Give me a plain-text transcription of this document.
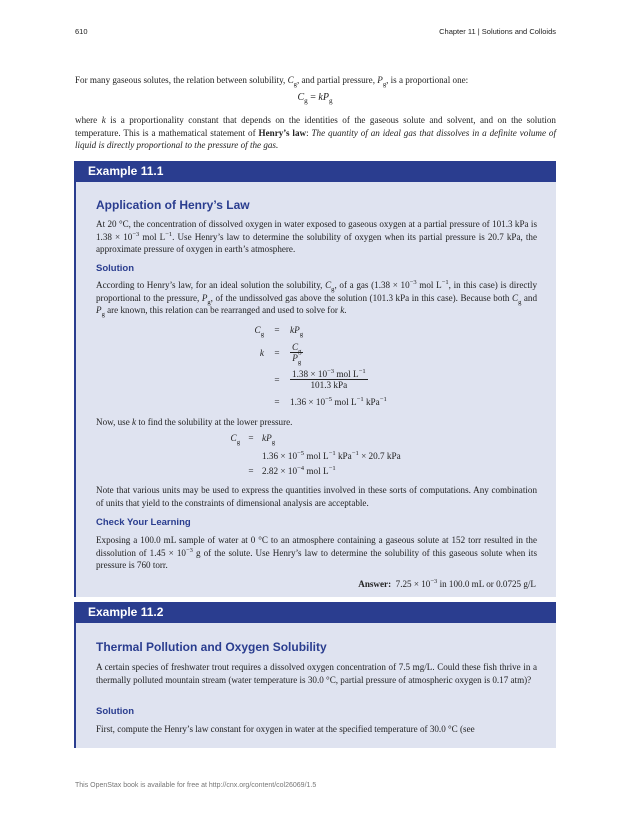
610	Chapter 11 | Solutions and Colloids

For many gaseous solutes, the relation between solubility, $C_g$, and partial pressure, $P_g$, is a proportional one:

$C_g = kP_g$

where k is a proportionality constant that depends on the identities of the gaseous solute and solvent, and on the solution temperature. This is a mathematical statement of Henry’s law: The quantity of an ideal gas that dissolves in a definite volume of liquid is directly proportional to the pressure of the gas.

Example 11.1
Application of Henry’s Law

At 20 °C, the concentration of dissolved oxygen in water exposed to gaseous oxygen at a partial pressure of 101.3 kPa is $1.38 \times 10^{-3}$ mol $L^{-1}$. Use Henry’s law to determine the solubility of oxygen when its partial pressure is 20.7 kPa, the approximate pressure of oxygen in earth’s atmosphere.

Solution

According to Henry’s law, for an ideal solution the solubility, $C_g$, of a gas ($1.38 \times 10^{-3}$ mol $L^{-1}$, in this case) is directly proportional to the pressure, $P_g$, of the undissolved gas above the solution (101.3 kPa in this case). Because both $C_g$ and $P_g$ are known, this relation can be rearranged and used to solve for k.

$C_g$	=	$kP_g$
k	=	$\frac{C_g}{P_g}$
=	$\frac{1.38 \times 10^{-3} mol L^{-1}}{\text{101.3 kPa}}$
=	$1.36 \times 10^{-5}$ mol $L^{-1}$ kPa$^{-1}$

Now, use k to find the solubility at the lower pressure.

$C_g = kP_g$
$1.36 \times 10^{-5}$ mol $L^{-1}$ kPa$^{-1}$ × 20.7 kPa
= $2.82 \times 10^{-4}$ mol $L^{-1}$

Note that various units may be used to express the quantities involved in these sorts of computations. Any combination of units that yield to the constraints of dimensional analysis are acceptable.

Check Your Learning

Exposing a 100.0 mL sample of water at 0 °C to an atmosphere containing a gaseous solute at 152 torr resulted in the dissolution of $1.45 \times 10^{-3}$ g of the solute. Use Henry’s law to determine the solubility of this gaseous solute when its pressure is 760 torr.

Answer: $7.25 \times 10^{-3}$ in 100.0 mL or 0.0725 g/L
Example 11.2
Thermal Pollution and Oxygen Solubility

A certain species of freshwater trout requires a dissolved oxygen concentration of 7.5 mg/L. Could these fish thrive in a thermally polluted mountain stream (water temperature is 30.0 °C, partial pressure of atmospheric oxygen is 0.17 atm)?

Solution

First, compute the Henry’s law constant for oxygen in water at the specified temperature of 30.0 °C (see

This OpenStax book is available for free at http://cnx.org/content/col26069/1.5
